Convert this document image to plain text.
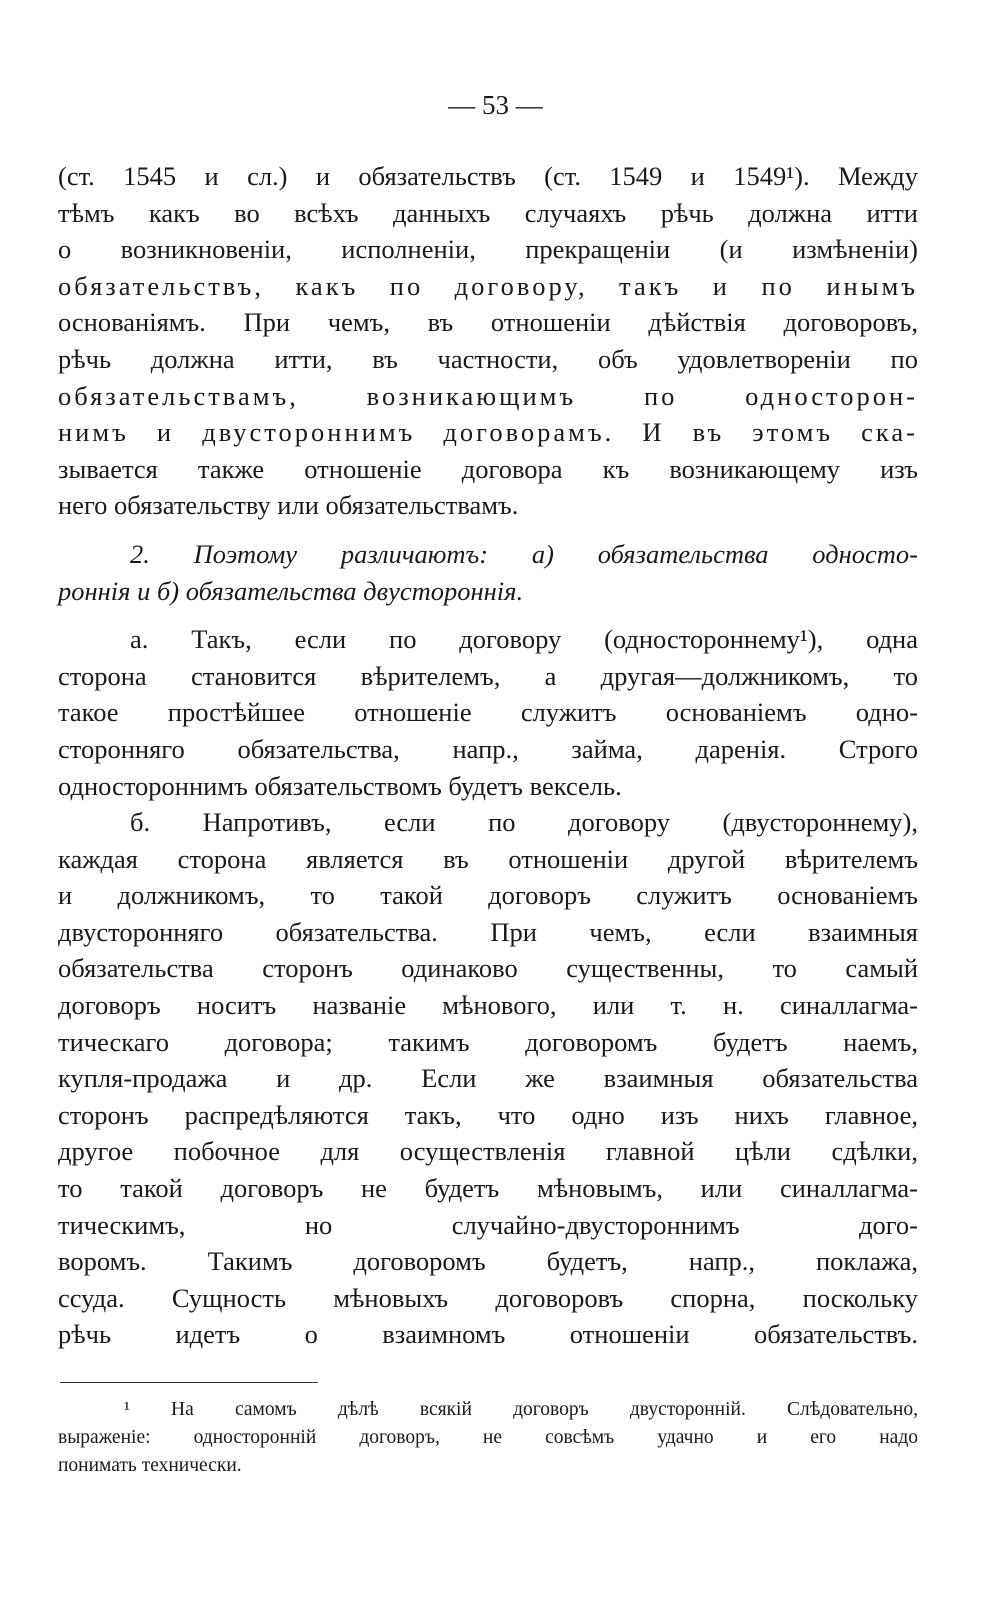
— 53 —
(ст. 1545 и сл.) и обязательствъ (ст. 1549 и 1549¹). Между
тѣмъ какъ во всѣхъ данныхъ случаяхъ рѣчь должна итти
о возникновеніи, исполненіи, прекращеніи (и измѣненіи)
обязательствъ, какъ по договору, такъ и по инымъ
основаніямъ. При чемъ, въ отношеніи дѣйствія договоровъ,
рѣчь должна итти, въ частности, объ удовлетвореніи по
обязательствамъ, возникающимъ по односторон-
нимъ и двустороннимъ договорамъ. И въ этомъ ска-
зывается также отношеніе договора къ возникающему изъ
него обязательству или обязательствамъ.
2. Поэтому различаютъ: а) обязательства односто-
роннія и б) обязательства двустороннія.
а. Такъ, если по договору (одностороннему¹), одна
сторона становится вѣрителемъ, а другая—должникомъ, то
такое простѣйшее отношеніе служитъ основаніемъ одно-
сторонняго обязательства, напр., займа, даренія. Строго
одностороннимъ обязательствомъ будетъ вексель.
б. Напротивъ, если по договору (двустороннему),
каждая сторона является въ отношеніи другой вѣрителемъ
и должникомъ, то такой договоръ служитъ основаніемъ
двусторонняго обязательства. При чемъ, если взаимныя
обязательства сторонъ одинаково существенны, то самый
договоръ носитъ названіе мѣнового, или т. н. синаллагма-
тическаго договора; такимъ договоромъ будетъ наемъ,
купля-продажа и др. Если же взаимныя обязательства
сторонъ распредѣляются такъ, что одно изъ нихъ главное,
другое побочное для осуществленія главной цѣли сдѣлки,
то такой договоръ не будетъ мѣновымъ, или синаллагма-
тическимъ, но случайно-двустороннимъ дого-
воромъ. Такимъ договоромъ будетъ, напр., поклажа,
ссуда. Сущность мѣновыхъ договоровъ спорна, поскольку
рѣчь идетъ о взаимномъ отношеніи обязательствъ.
¹ На самомъ дѣлѣ всякій договоръ двусторонній. Слѣдовательно,
выраженіе: односторонній договоръ, не совсѣмъ удачно и его надо
понимать технически.
